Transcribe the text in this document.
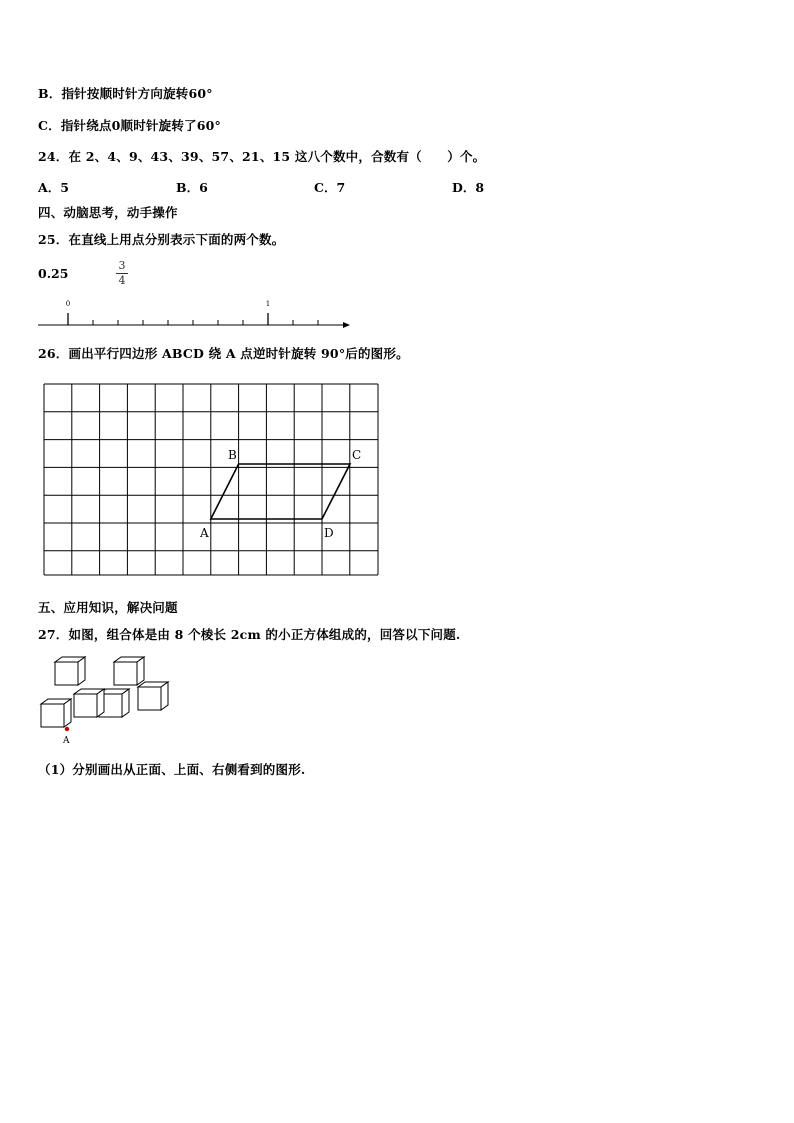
B．指针按顺时针方向旋转60°
C．指针绕点0顺时针旋转了60°
24．在 2、4、9、43、39、57、21、15 这八个数中，合数有（　　）个。
A．5	B．6	C．7	D．8
四、动脑思考，动手操作
25．在直线上用点分别表示下面的两个数。
0.25
3
4
0	1
26．画出平行四边形 ABCD 绕 A 点逆时针旋转 90°后的图形。
B	C
A	D
五、应用知识，解决问题
27．如图，组合体是由 8 个棱长 2cm 的小正方体组成的，回答以下问题.
A
（1）分别画出从正面、上面、右侧看到的图形.
